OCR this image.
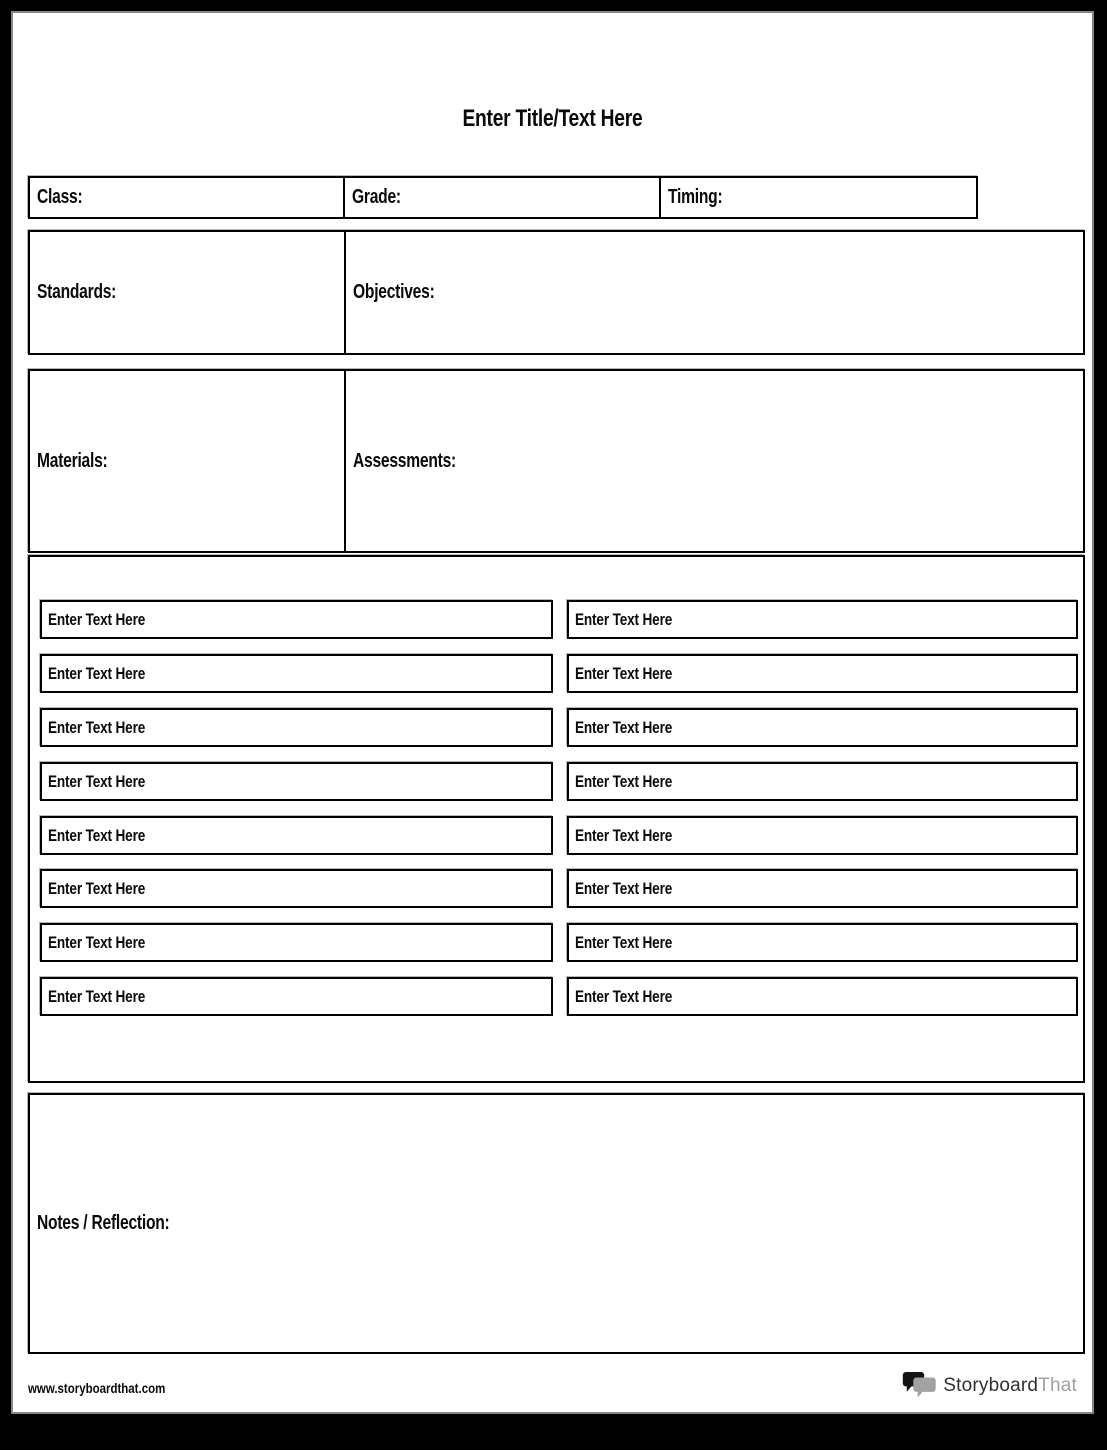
Enter Title/Text Here
Class:	Grade:	Timing:
Standards:	Objectives:
Materials:	Assessments:
Enter Text Here	Enter Text Here
Enter Text Here	Enter Text Here
Enter Text Here	Enter Text Here
Enter Text Here	Enter Text Here
Enter Text Here	Enter Text Here
Enter Text Here	Enter Text Here
Enter Text Here	Enter Text Here
Enter Text Here	Enter Text Here
Notes / Reflection:
www.storyboardthat.com	StoryboardThat
